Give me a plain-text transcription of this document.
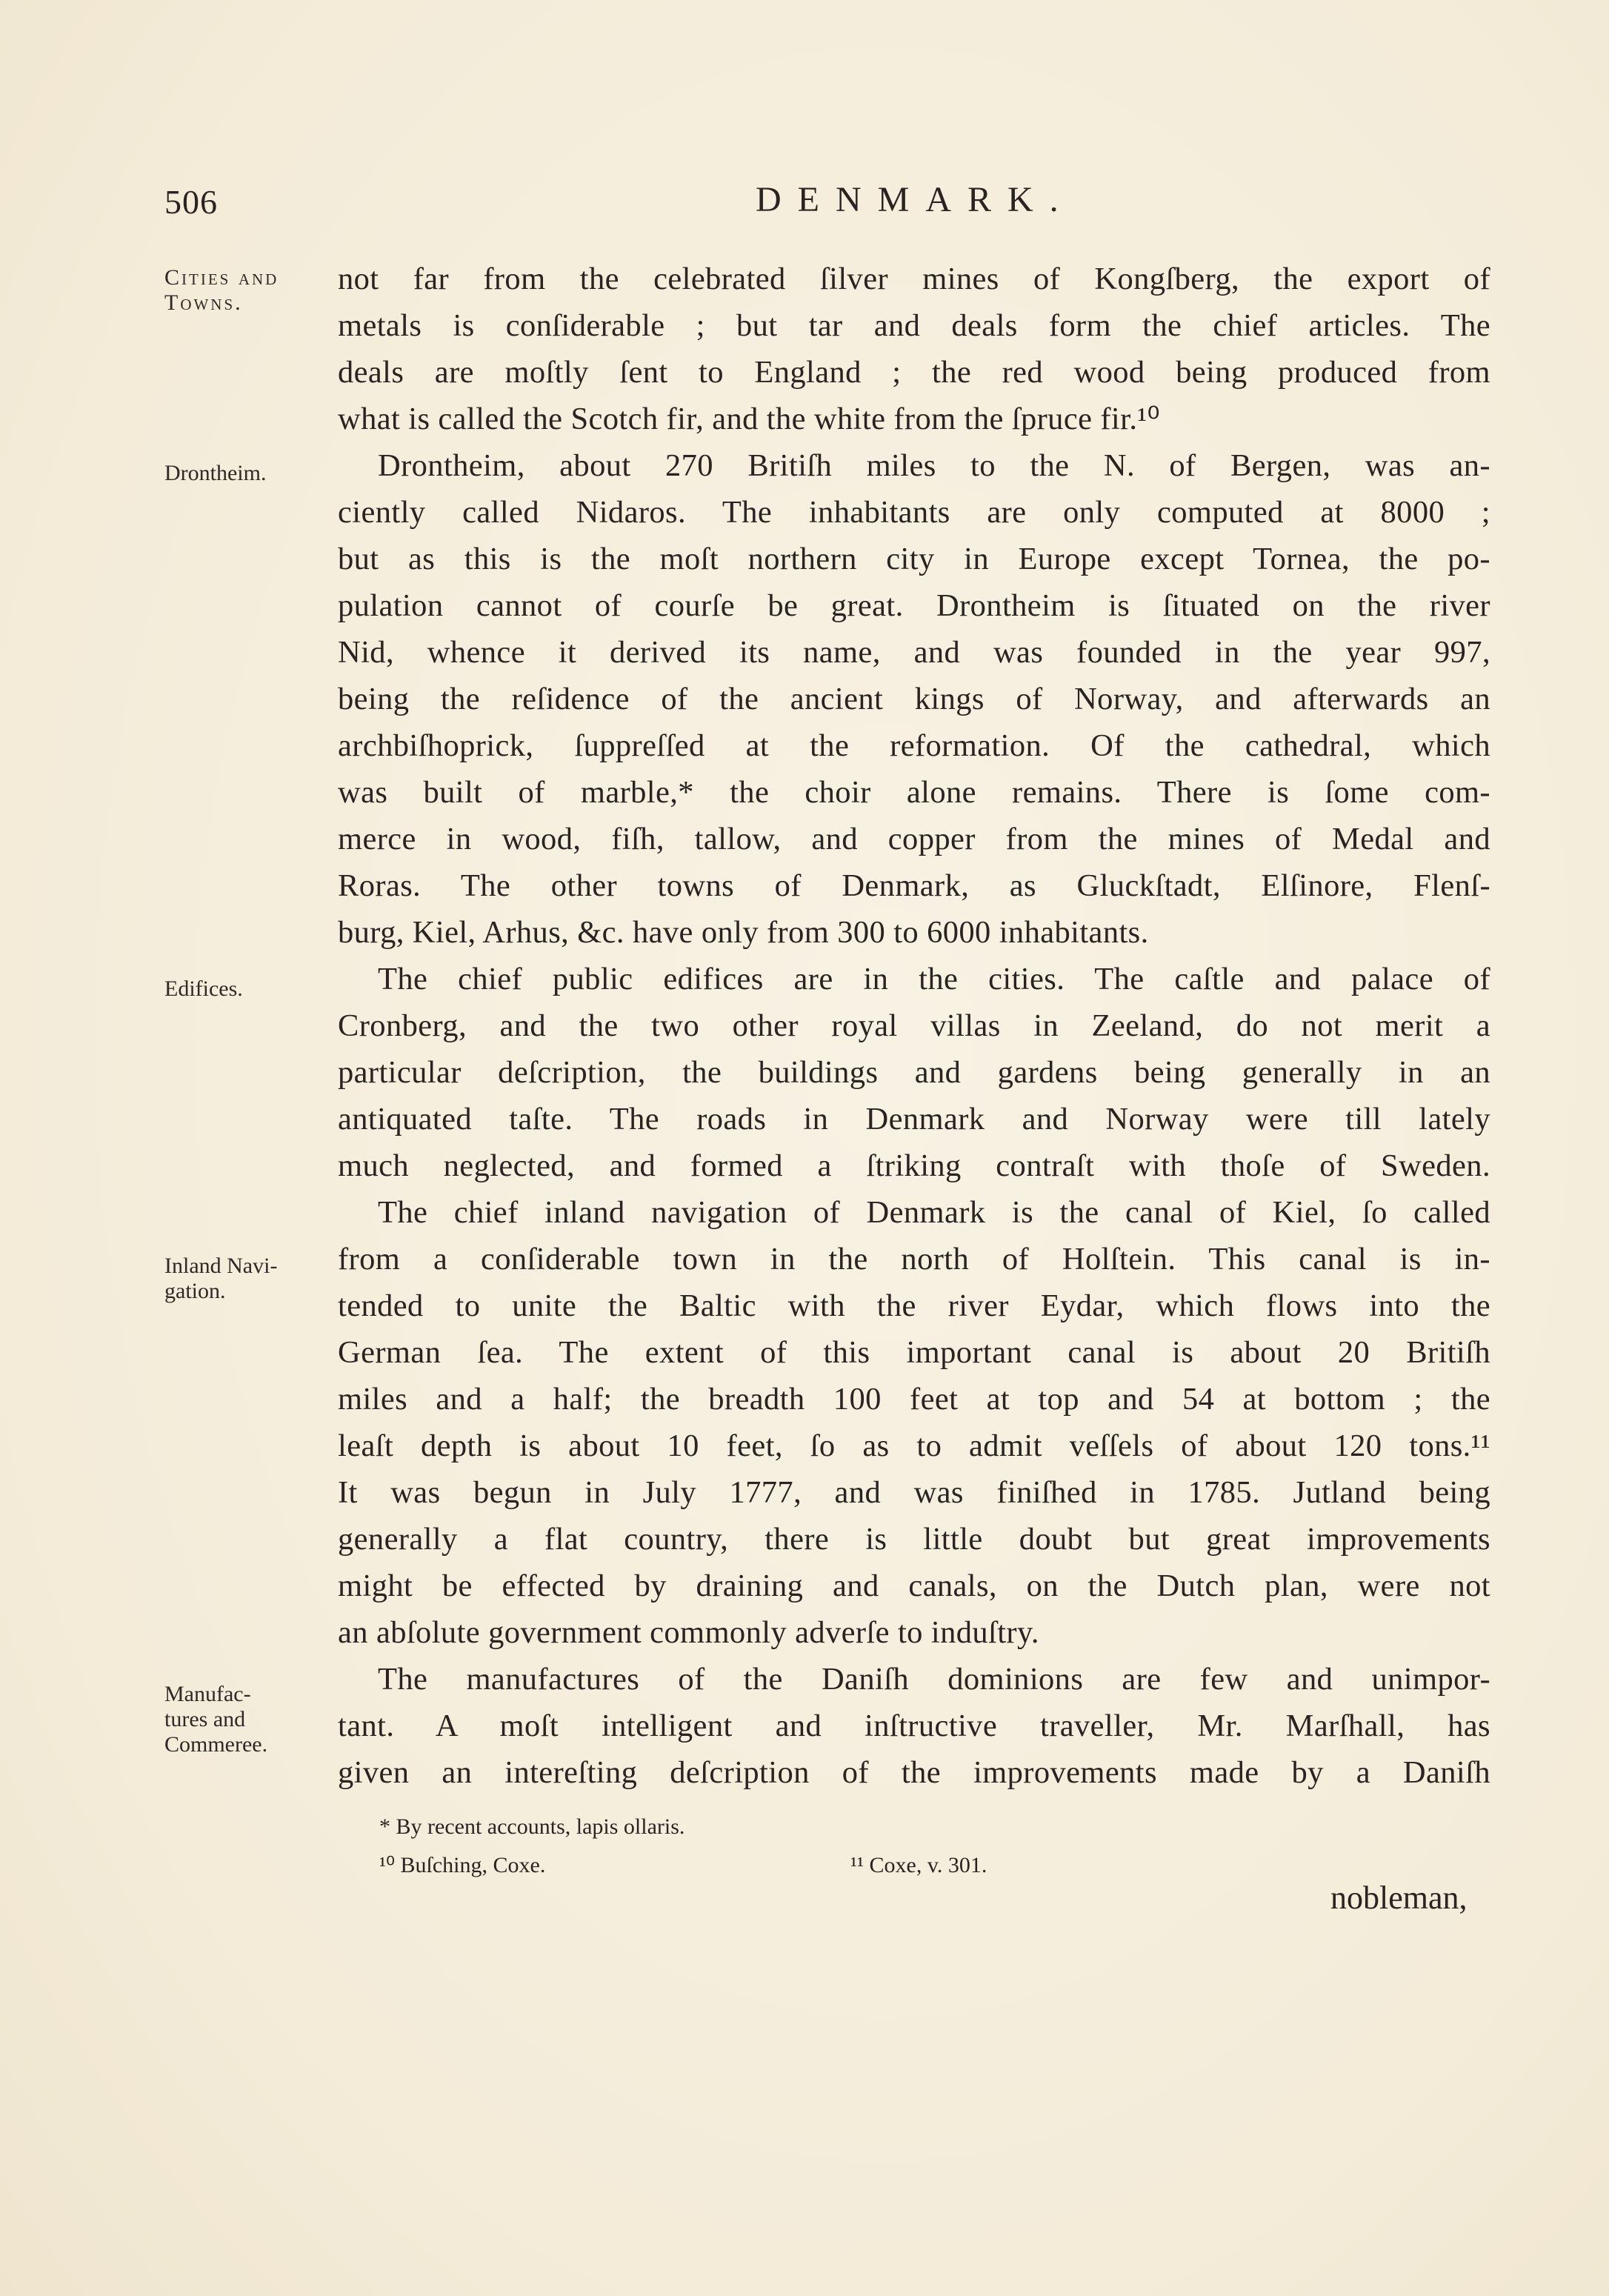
506	DENMARK.
Cities and Towns.
Drontheim.
Edifices.
Inland Navi- gation.
Manufac- tures and Commeree.
not far from the celebrated ſilver mines of Kongſberg, the export of
metals is conſiderable ; but tar and deals form the chief articles. The
deals are moſtly ſent to England ; the red wood being produced from
what is called the Scotch fir, and the white from the ſpruce fir.¹⁰
Drontheim, about 270 Britiſh miles to the N. of Bergen, was an-
ciently called Nidaros. The inhabitants are only computed at 8000 ;
but as this is the moſt northern city in Europe except Tornea, the po-
pulation cannot of courſe be great. Drontheim is ſituated on the river
Nid, whence it derived its name, and was founded in the year 997,
being the reſidence of the ancient kings of Norway, and afterwards an
archbiſhoprick, ſuppreſſed at the reformation. Of the cathedral, which
was built of marble,* the choir alone remains. There is ſome com-
merce in wood, fiſh, tallow, and copper from the mines of Medal and
Roras. The other towns of Denmark, as Gluckſtadt, Elſinore, Flenſ-
burg, Kiel, Arhus, &c. have only from 300 to 6000 inhabitants.
The chief public edifices are in the cities. The caſtle and palace of
Cronberg, and the two other royal villas in Zeeland, do not merit a
particular deſcription, the buildings and gardens being generally in an
antiquated taſte. The roads in Denmark and Norway were till lately
much neglected, and formed a ſtriking contraſt with thoſe of Sweden.
The chief inland navigation of Denmark is the canal of Kiel, ſo called
from a conſiderable town in the north of Holſtein. This canal is in-
tended to unite the Baltic with the river Eydar, which flows into the
German ſea. The extent of this important canal is about 20 Britiſh
miles and a half; the breadth 100 feet at top and 54 at bottom ; the
leaſt depth is about 10 feet, ſo as to admit veſſels of about 120 tons.¹¹
It was begun in July 1777, and was finiſhed in 1785. Jutland being
generally a flat country, there is little doubt but great improvements
might be effected by draining and canals, on the Dutch plan, were not
an abſolute government commonly adverſe to induſtry.
The manufactures of the Daniſh dominions are few and unimpor-
tant. A moſt intelligent and inſtructive traveller, Mr. Marſhall, has
given an intereſting deſcription of the improvements made by a Daniſh
* By recent accounts, lapis ollaris.
¹⁰ Buſching, Coxe.	¹¹ Coxe, v. 301.
nobleman,
